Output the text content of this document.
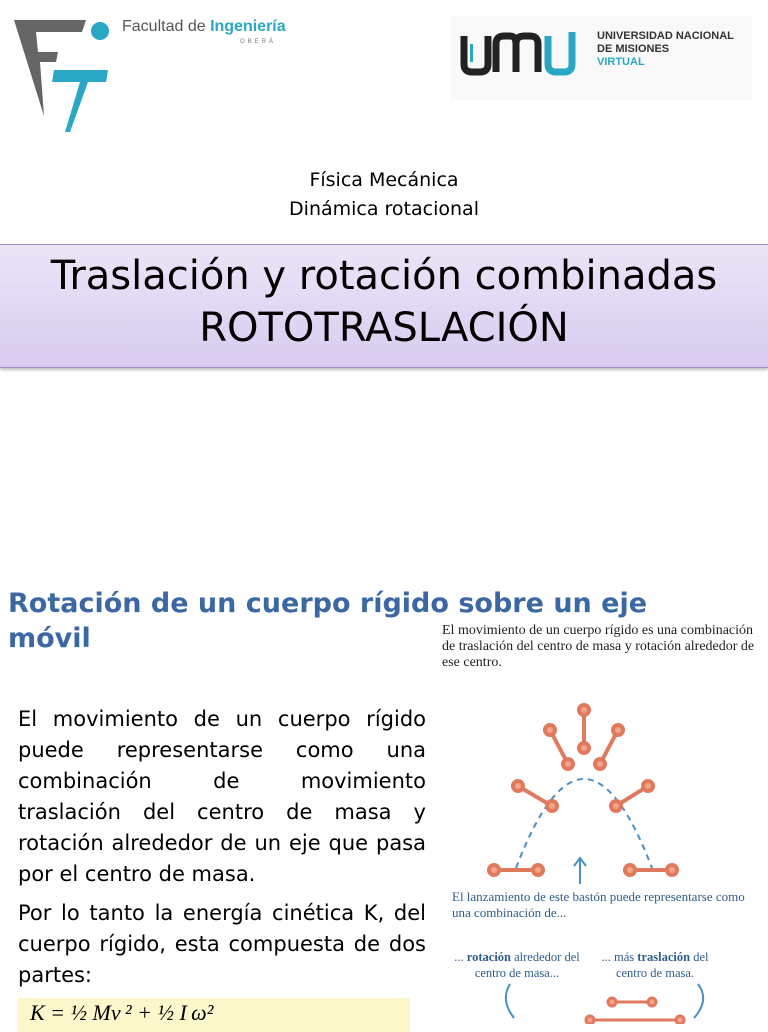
Facultad de Ingeniería
OBERÁ	UNIVERSIDAD NACIONAL
DE MISIONES
VIRTUAL
Física Mecánica
Dinámica rotacional
Traslación y rotación combinadas
ROTOTRASLACIÓN
Rotación de un cuerpo rígido sobre un eje móvil

El movimiento de un cuerpo rígido puede representarse como una combinación de movimiento traslación del centro de masa y rotación alrededor de un eje que pasa por el centro de masa.

Por lo tanto la energía cinética K, del cuerpo rígido, esta compuesta de dos partes:

K = ½ Mv ² + ½ I ω²
El movimiento de un cuerpo rígido es una combinación de traslación del centro de masa y rotación alrededor de ese centro.
El lanzamiento de este bastón puede representarse como una combinación de...
... rotación alrededor del centro de masa...
... más traslación del centro de masa.
